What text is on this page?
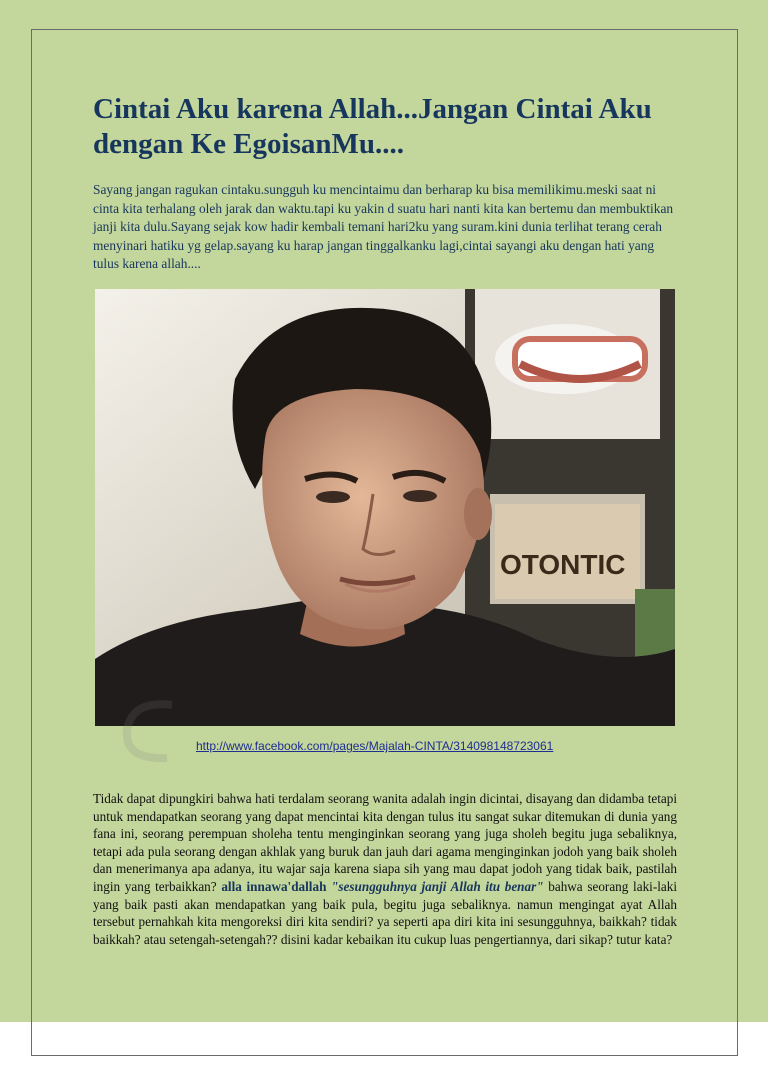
Cintai Aku karena Allah...Jangan Cintai Aku dengan Ke EgoisanMu....

Sayang jangan ragukan cintaku.sungguh ku mencintaimu dan berharap ku bisa memilikimu.meski saat ni cinta kita terhalang oleh jarak dan waktu.tapi ku yakin d suatu hari nanti kita kan bertemu dan membuktikan janji kita dulu.Sayang sejak kow hadir kembali temani hari2ku yang suram.kini dunia terlihat terang cerah menyinari hatiku yg gelap.sayang ku harap jangan tinggalkanku lagi,cintai sayangi aku dengan hati yang tulus karena allah....

OTONTIC
http://www.facebook.com/pages/Majalah-CINTA/314098148723061

Tidak dapat dipungkiri bahwa hati terdalam seorang wanita adalah ingin dicintai, disayang dan didamba tetapi untuk mendapatkan seorang yang dapat mencintai kita dengan tulus itu sangat sukar ditemukan di dunia yang fana ini, seorang perempuan sholeha tentu menginginkan seorang yang juga sholeh begitu juga sebaliknya, tetapi ada pula seorang dengan akhlak yang buruk dan jauh dari agama menginginkan jodoh yang baik sholeh dan menerimanya apa adanya, itu wajar saja karena siapa sih yang mau dapat jodoh yang tidak baik, pastilah ingin yang terbaikkan? alla innawa'dallah "sesungguhnya janji Allah itu benar" bahwa seorang laki-laki yang baik pasti akan mendapatkan yang baik pula, begitu juga sebaliknya. namun mengingat ayat Allah tersebut pernahkah kita mengoreksi diri kita sendiri? ya seperti apa diri kita ini sesungguhnya, baikkah? tidak baikkah? atau setengah-setengah?? disini kadar kebaikan itu cukup luas pengertiannya, dari sikap? tutur kata?
